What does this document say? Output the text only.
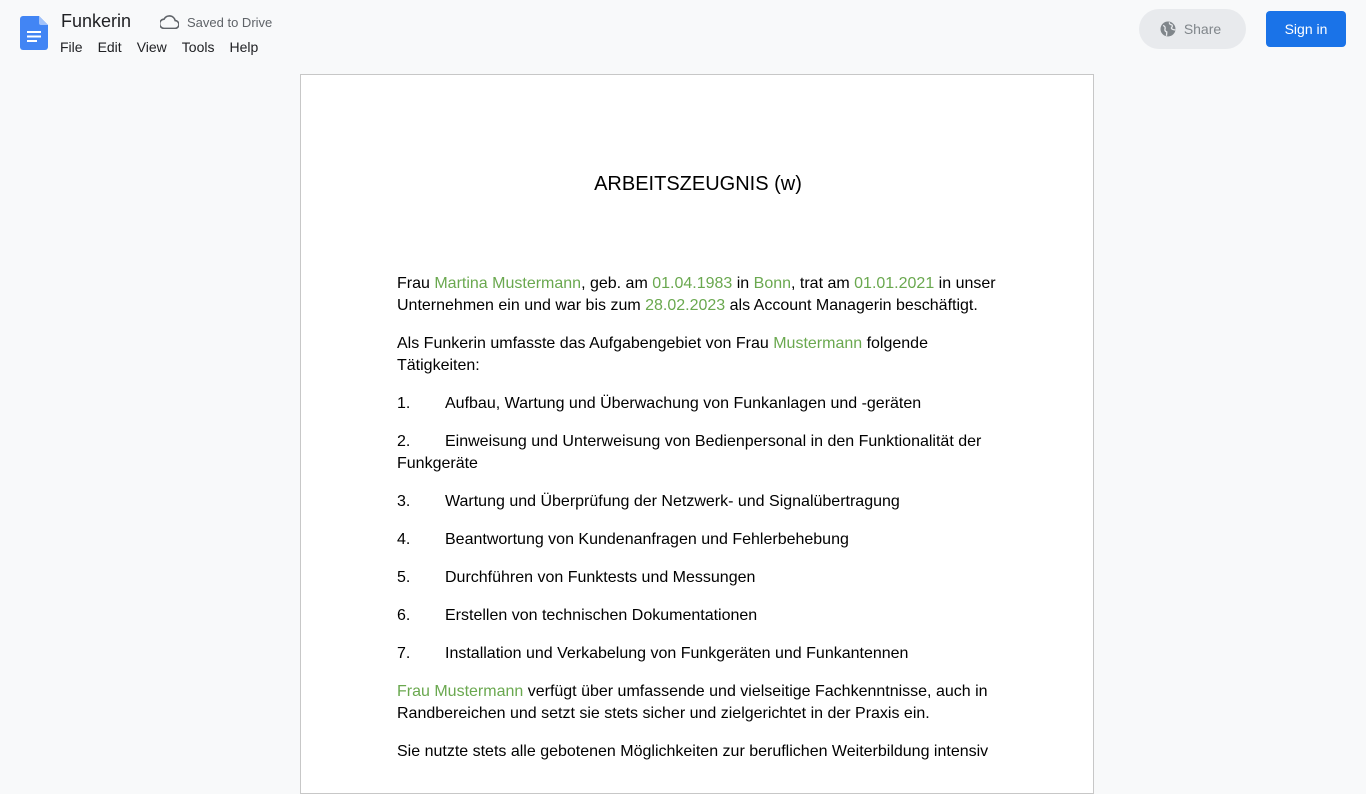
Funkerin	Saved to Drive
File	Edit	View	Tools	Help
Share	Sign in
ARBEITSZEUGNIS (w)

Frau Martina Mustermann, geb. am 01.04.1983 in Bonn, trat am 01.01.2021 in unser Unternehmen ein und war bis zum 28.02.2023 als Account Managerin beschäftigt.

Als Funkerin umfasste das Aufgabengebiet von Frau Mustermann folgende Tätigkeiten:

1. Aufbau, Wartung und Überwachung von Funkanlagen und -geräten
2. Einweisung und Unterweisung von Bedienpersonal in den Funktionalität der Funkgeräte
3. Wartung und Überprüfung der Netzwerk- und Signalübertragung
4. Beantwortung von Kundenanfragen und Fehlerbehebung
5. Durchführen von Funktests und Messungen
6. Erstellen von technischen Dokumentationen
7. Installation und Verkabelung von Funkgeräten und Funkantennen

Frau Mustermann verfügt über umfassende und vielseitige Fachkenntnisse, auch in Randbereichen und setzt sie stets sicher und zielgerichtet in der Praxis ein.

Sie nutzte stets alle gebotenen Möglichkeiten zur beruflichen Weiterbildung intensiv
